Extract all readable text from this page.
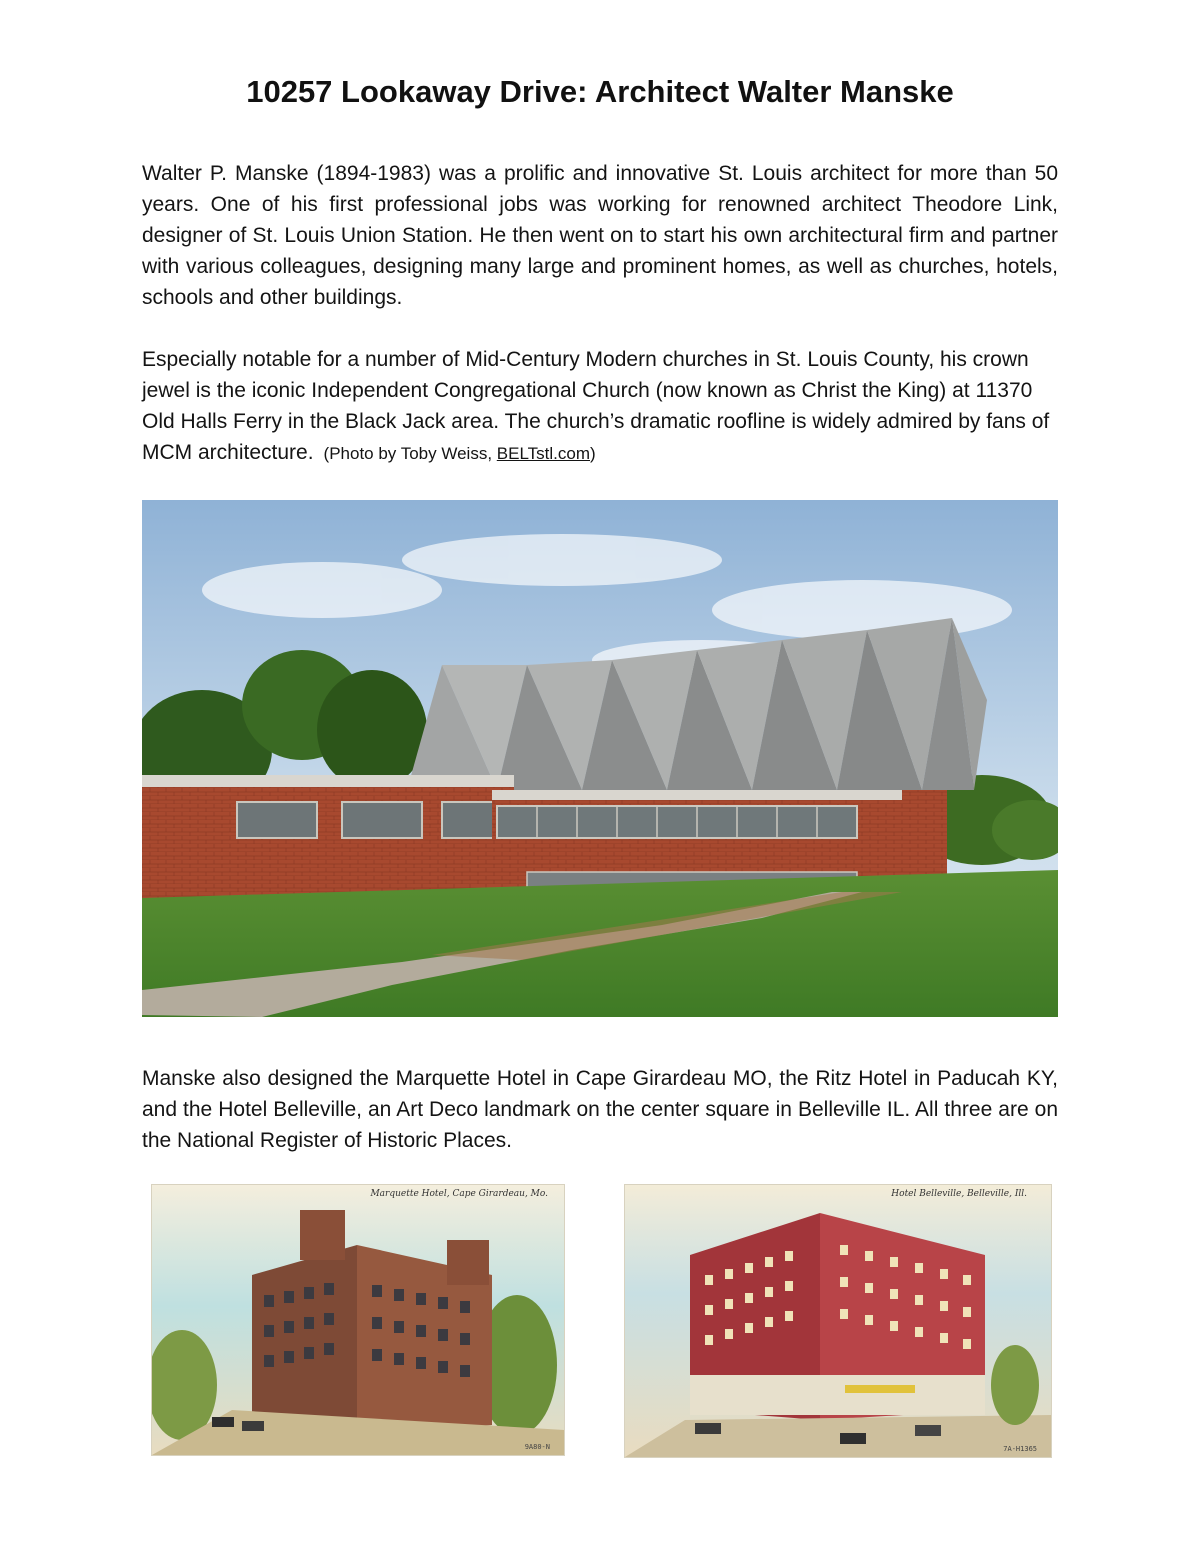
10257 Lookaway Drive: Architect Walter Manske

Walter P. Manske (1894-1983) was a prolific and innovative St. Louis architect for more than 50 years. One of his first professional jobs was working for renowned architect Theodore Link, designer of St. Louis Union Station. He then went on to start his own architectural firm and partner with various colleagues, designing many large and prominent homes, as well as churches, hotels, schools and other buildings.

Especially notable for a number of Mid-Century Modern churches in St. Louis County, his crown jewel is the iconic Independent Congregational Church (now known as Christ the King) at 11370 Old Halls Ferry in the Black Jack area. The church’s dramatic roofline is widely admired by fans of MCM architecture. (Photo by Toby Weiss, BELTstl.com)

Manske also designed the Marquette Hotel in Cape Girardeau MO, the Ritz Hotel in Paducah KY, and the Hotel Belleville, an Art Deco landmark on the center square in Belleville IL. All three are on the National Register of Historic Places.

Marquette Hotel, Cape Girardeau, Mo.
9A80-N
Hotel Belleville, Belleville, Ill.
7A-H1365
